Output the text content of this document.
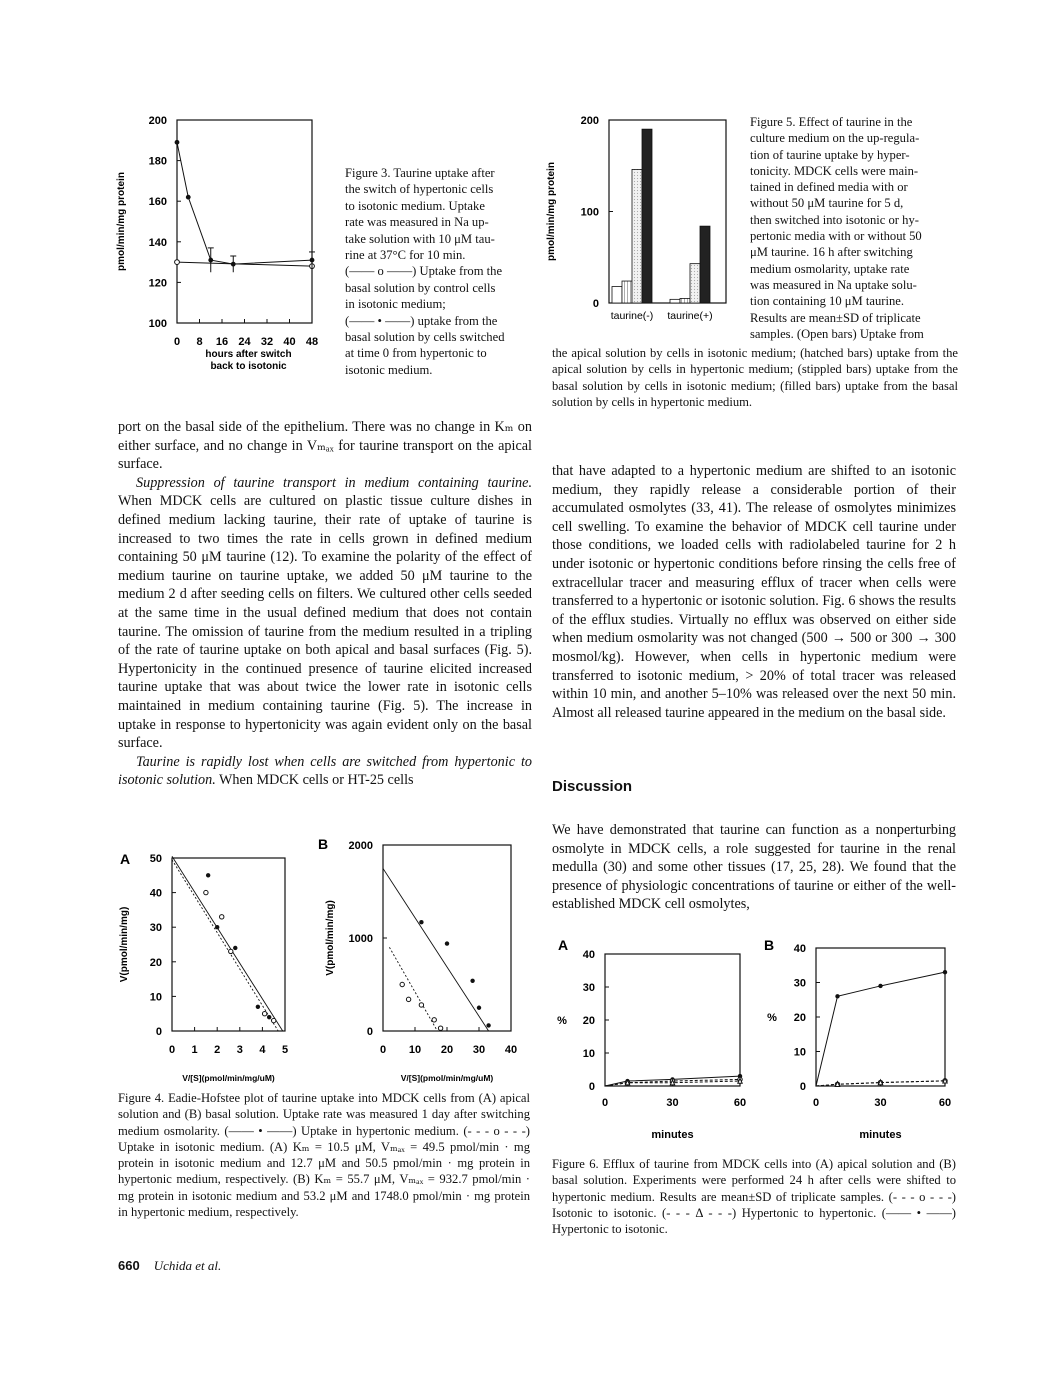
100
120
140
160
180
200
0 8 16 24 32 40 48
pmol/min/mg protein
hours after switch
back to isotonic
Figure 3. Taurine uptake after
the switch of hypertonic cells
to isotonic medium. Uptake
rate was measured in Na up-
take solution with 10 μM tau-
rine at 37°C for 10 min.
(—— o ——) Uptake from the
basal solution by control cells
in isotonic medium;
(—— • ——) uptake from the
basal solution by cells switched
at time 0 from hypertonic to
isotonic medium.
0
100
200
pmol/min/mg protein
taurine(-) taurine(+)
Figure 5. Effect of taurine in the
culture medium on the up-regula-
tion of taurine uptake by hyper-
tonicity. MDCK cells were main-
tained in defined media with or
without 50 μM taurine for 5 d,
then switched into isotonic or hy-
pertonic media with or without 50
μM taurine. 16 h after switching
medium osmolarity, uptake rate
was measured in Na uptake solu-
tion containing 10 μM taurine.
Results are mean±SD of triplicate
samples. (Open bars) Uptake from
the apical solution by cells in isotonic medium; (hatched bars) uptake from the apical solution by cells in hypertonic medium; (stippled bars) uptake from the basal solution by cells in isotonic medium; (filled bars) uptake from the basal solution by cells in hypertonic medium.

port on the basal side of the epithelium. There was no change in Kₘ on either surface, and no change in Vₘₐₓ for taurine transport on the apical surface.

Suppression of taurine transport in medium containing taurine. When MDCK cells are cultured on plastic tissue culture dishes in defined medium lacking taurine, their rate of uptake of taurine is increased to two times the rate in cells grown in defined medium containing 50 μM taurine (12). To examine the polarity of the effect of medium taurine on taurine uptake, we added 50 μM taurine to the medium 2 d after seeding cells on filters. We cultured other cells seeded at the same time in the usual defined medium that does not contain taurine. The omission of taurine from the medium resulted in a tripling of the rate of taurine uptake on both apical and basal surfaces (Fig. 5). Hypertonicity in the continued presence of taurine elicited increased taurine uptake that was about twice the lower rate in isotonic cells maintained in medium containing taurine (Fig. 5). The increase in uptake in response to hypertonicity was again evident only on the basal surface.

Taurine is rapidly lost when cells are switched from hypertonic to isotonic solution. When MDCK cells or HT-25 cells

that have adapted to a hypertonic medium are shifted to an isotonic medium, they rapidly release a considerable portion of their accumulated osmolytes (33, 41). The release of osmolytes minimizes cell swelling. To examine the behavior of MDCK cell taurine under those conditions, we loaded cells with radiolabeled taurine for 2 h under isotonic or hypertonic conditions before rinsing the cells free of extracellular tracer and measuring efflux of tracer when cells were transferred to a hypertonic or isotonic solution. Fig. 6 shows the results of the efflux studies. Virtually no efflux was observed on either side when medium osmolarity was not changed (500 → 500 or 300 → 300 mosmol/kg). However, when cells in hypertonic medium were transferred to isotonic medium, > 20% of total tracer was released within 10 min, and another 5–10% was released over the next 50 min. Almost all released taurine appeared in the medium on the basal side.

Discussion

We have demonstrated that taurine can function as a nonperturbing osmolyte in MDCK cells, a role suggested for taurine in the renal medulla (30) and some other tissues (17, 25, 28). We found that the presence of physiologic concentrations of taurine or either of the well-established MDCK cell osmolytes,

0
10
20
30
40
50
0 1 2 3 4 5
A
V(pmol/min/mg)
V/[S](pmol/min/mg/uM)
0
1000
2000
0 10 20 30 40
B
V(pmol/min/mg)
V/[S](pmol/min/mg/uM)
Figure 4. Eadie-Hofstee plot of taurine uptake into MDCK cells from (A) apical solution and (B) basal solution. Uptake rate was measured 1 day after switching medium osmolarity. (—— • ——) Uptake in hypertonic medium. (- - - o - - -) Uptake in isotonic medium. (A) Kₘ = 10.5 μM, Vₘₐₓ = 49.5 pmol/min · mg protein in isotonic medium and 12.7 μM and 50.5 pmol/min · mg protein in hypertonic medium, respectively. (B) Kₘ = 55.7 μM, Vₘₐₓ = 932.7 pmol/min · mg protein in isotonic medium and 53.2 μM and 1748.0 pmol/min · mg protein in hypertonic medium, respectively.
0
10
20
30
40
0	30	60
A
%
minutes
0
10
20
30
40
0	30	60
B
%
minutes
Figure 6. Efflux of taurine from MDCK cells into (A) apical solution and (B) basal solution. Experiments were performed 24 h after cells were shifted to hypertonic medium. Results are mean±SD of triplicate samples. (- - - o - - -) Isotonic to isotonic. (- - - Δ - - -) Hypertonic to hypertonic. (—— • ——) Hypertonic to isotonic.
660 Uchida et al.
